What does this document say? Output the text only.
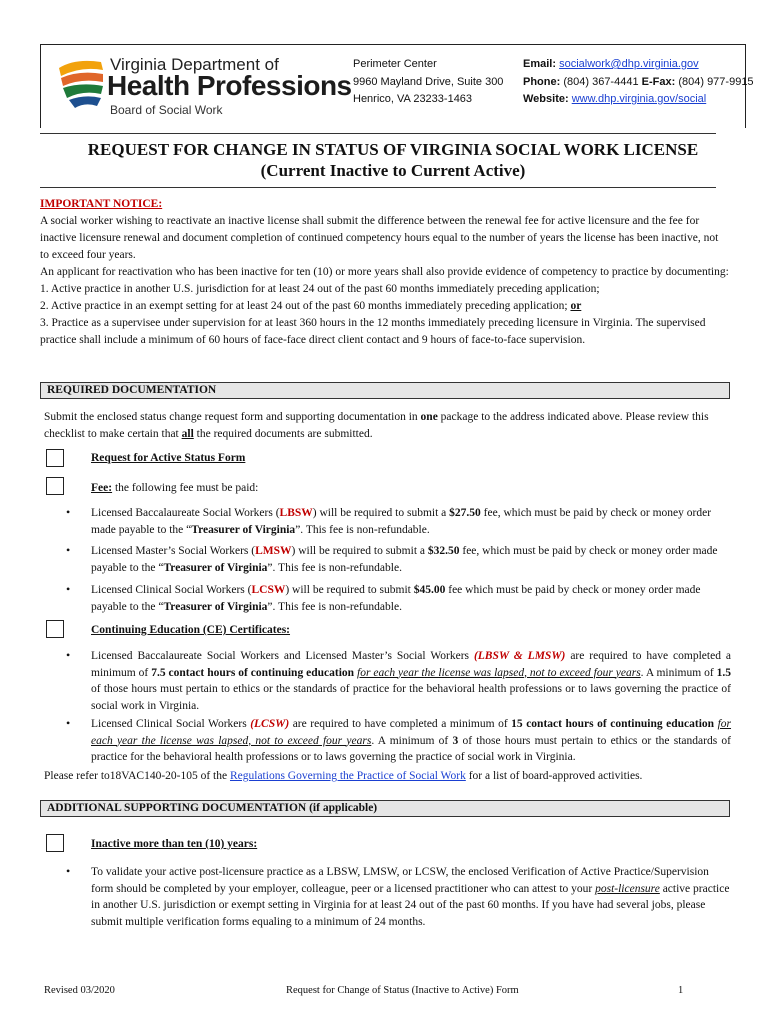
Virginia Department of
Health Professions
Board of Social Work
Perimeter Center
9960 Mayland Drive, Suite 300
Henrico, VA 23233-1463
Email: socialwork@dhp.virginia.gov
Phone: (804) 367-4441 E-Fax: (804) 977-9915
Website: www.dhp.virginia.gov/social
REQUEST FOR CHANGE IN STATUS OF VIRGINIA SOCIAL WORK LICENSE
(Current Inactive to Current Active)
IMPORTANT NOTICE:
A social worker wishing to reactivate an inactive license shall submit the difference between the renewal fee for active licensure and the fee for inactive licensure renewal and document completion of continued competency hours equal to the number of years the license has been inactive, not to exceed four years.
An applicant for reactivation who has been inactive for ten (10) or more years shall also provide evidence of competency to practice by documenting:
1. Active practice in another U.S. jurisdiction for at least 24 out of the past 60 months immediately preceding application;
2. Active practice in an exempt setting for at least 24 out of the past 60 months immediately preceding application; or
3. Practice as a supervisee under supervision for at least 360 hours in the 12 months immediately preceding licensure in Virginia. The supervised practice shall include a minimum of 60 hours of face-face direct client contact and 9 hours of face-to-face supervision.
REQUIRED DOCUMENTATION
Submit the enclosed status change request form and supporting documentation in one package to the address indicated above. Please review this checklist to make certain that all the required documents are submitted.
Request for Active Status Form
Fee: the following fee must be paid:
• Licensed Baccalaureate Social Workers (LBSW) will be required to submit a $27.50 fee, which must be paid by check or money order made payable to the “Treasurer of Virginia”. This fee is non-refundable.
• Licensed Master’s Social Workers (LMSW) will be required to submit a $32.50 fee, which must be paid by check or money order made payable to the “Treasurer of Virginia”. This fee is non-refundable.
• Licensed Clinical Social Workers (LCSW) will be required to submit $45.00 fee which must be paid by check or money order made payable to the “Treasurer of Virginia”. This fee is non-refundable.
Continuing Education (CE) Certificates:
• Licensed Baccalaureate Social Workers and Licensed Master’s Social Workers (LBSW & LMSW) are required to have completed a minimum of 7.5 contact hours of continuing education for each year the license was lapsed, not to exceed four years. A minimum of 1.5 of those hours must pertain to ethics or the standards of practice for the behavioral health professions or to laws governing the practice of social work in Virginia.
• Licensed Clinical Social Workers (LCSW) are required to have completed a minimum of 15 contact hours of continuing education for each year the license was lapsed, not to exceed four years. A minimum of 3 of those hours must pertain to ethics or the standards of practice for the behavioral health professions or to laws governing the practice of social work in Virginia.
Please refer to18VAC140-20-105 of the Regulations Governing the Practice of Social Work for a list of board-approved activities.
ADDITIONAL SUPPORTING DOCUMENTATION (if applicable)
Inactive more than ten (10) years:
• To validate your active post-licensure practice as a LBSW, LMSW, or LCSW, the enclosed Verification of Active Practice/Supervision form should be completed by your employer, colleague, peer or a licensed practitioner who can attest to your post-licensure active practice in another U.S. jurisdiction or exempt setting in Virginia for at least 24 out of the past 60 months. If you have had several jobs, please submit multiple verification forms equaling to a minimum of 24 months.
Revised 03/2020	Request for Change of Status (Inactive to Active) Form	1
